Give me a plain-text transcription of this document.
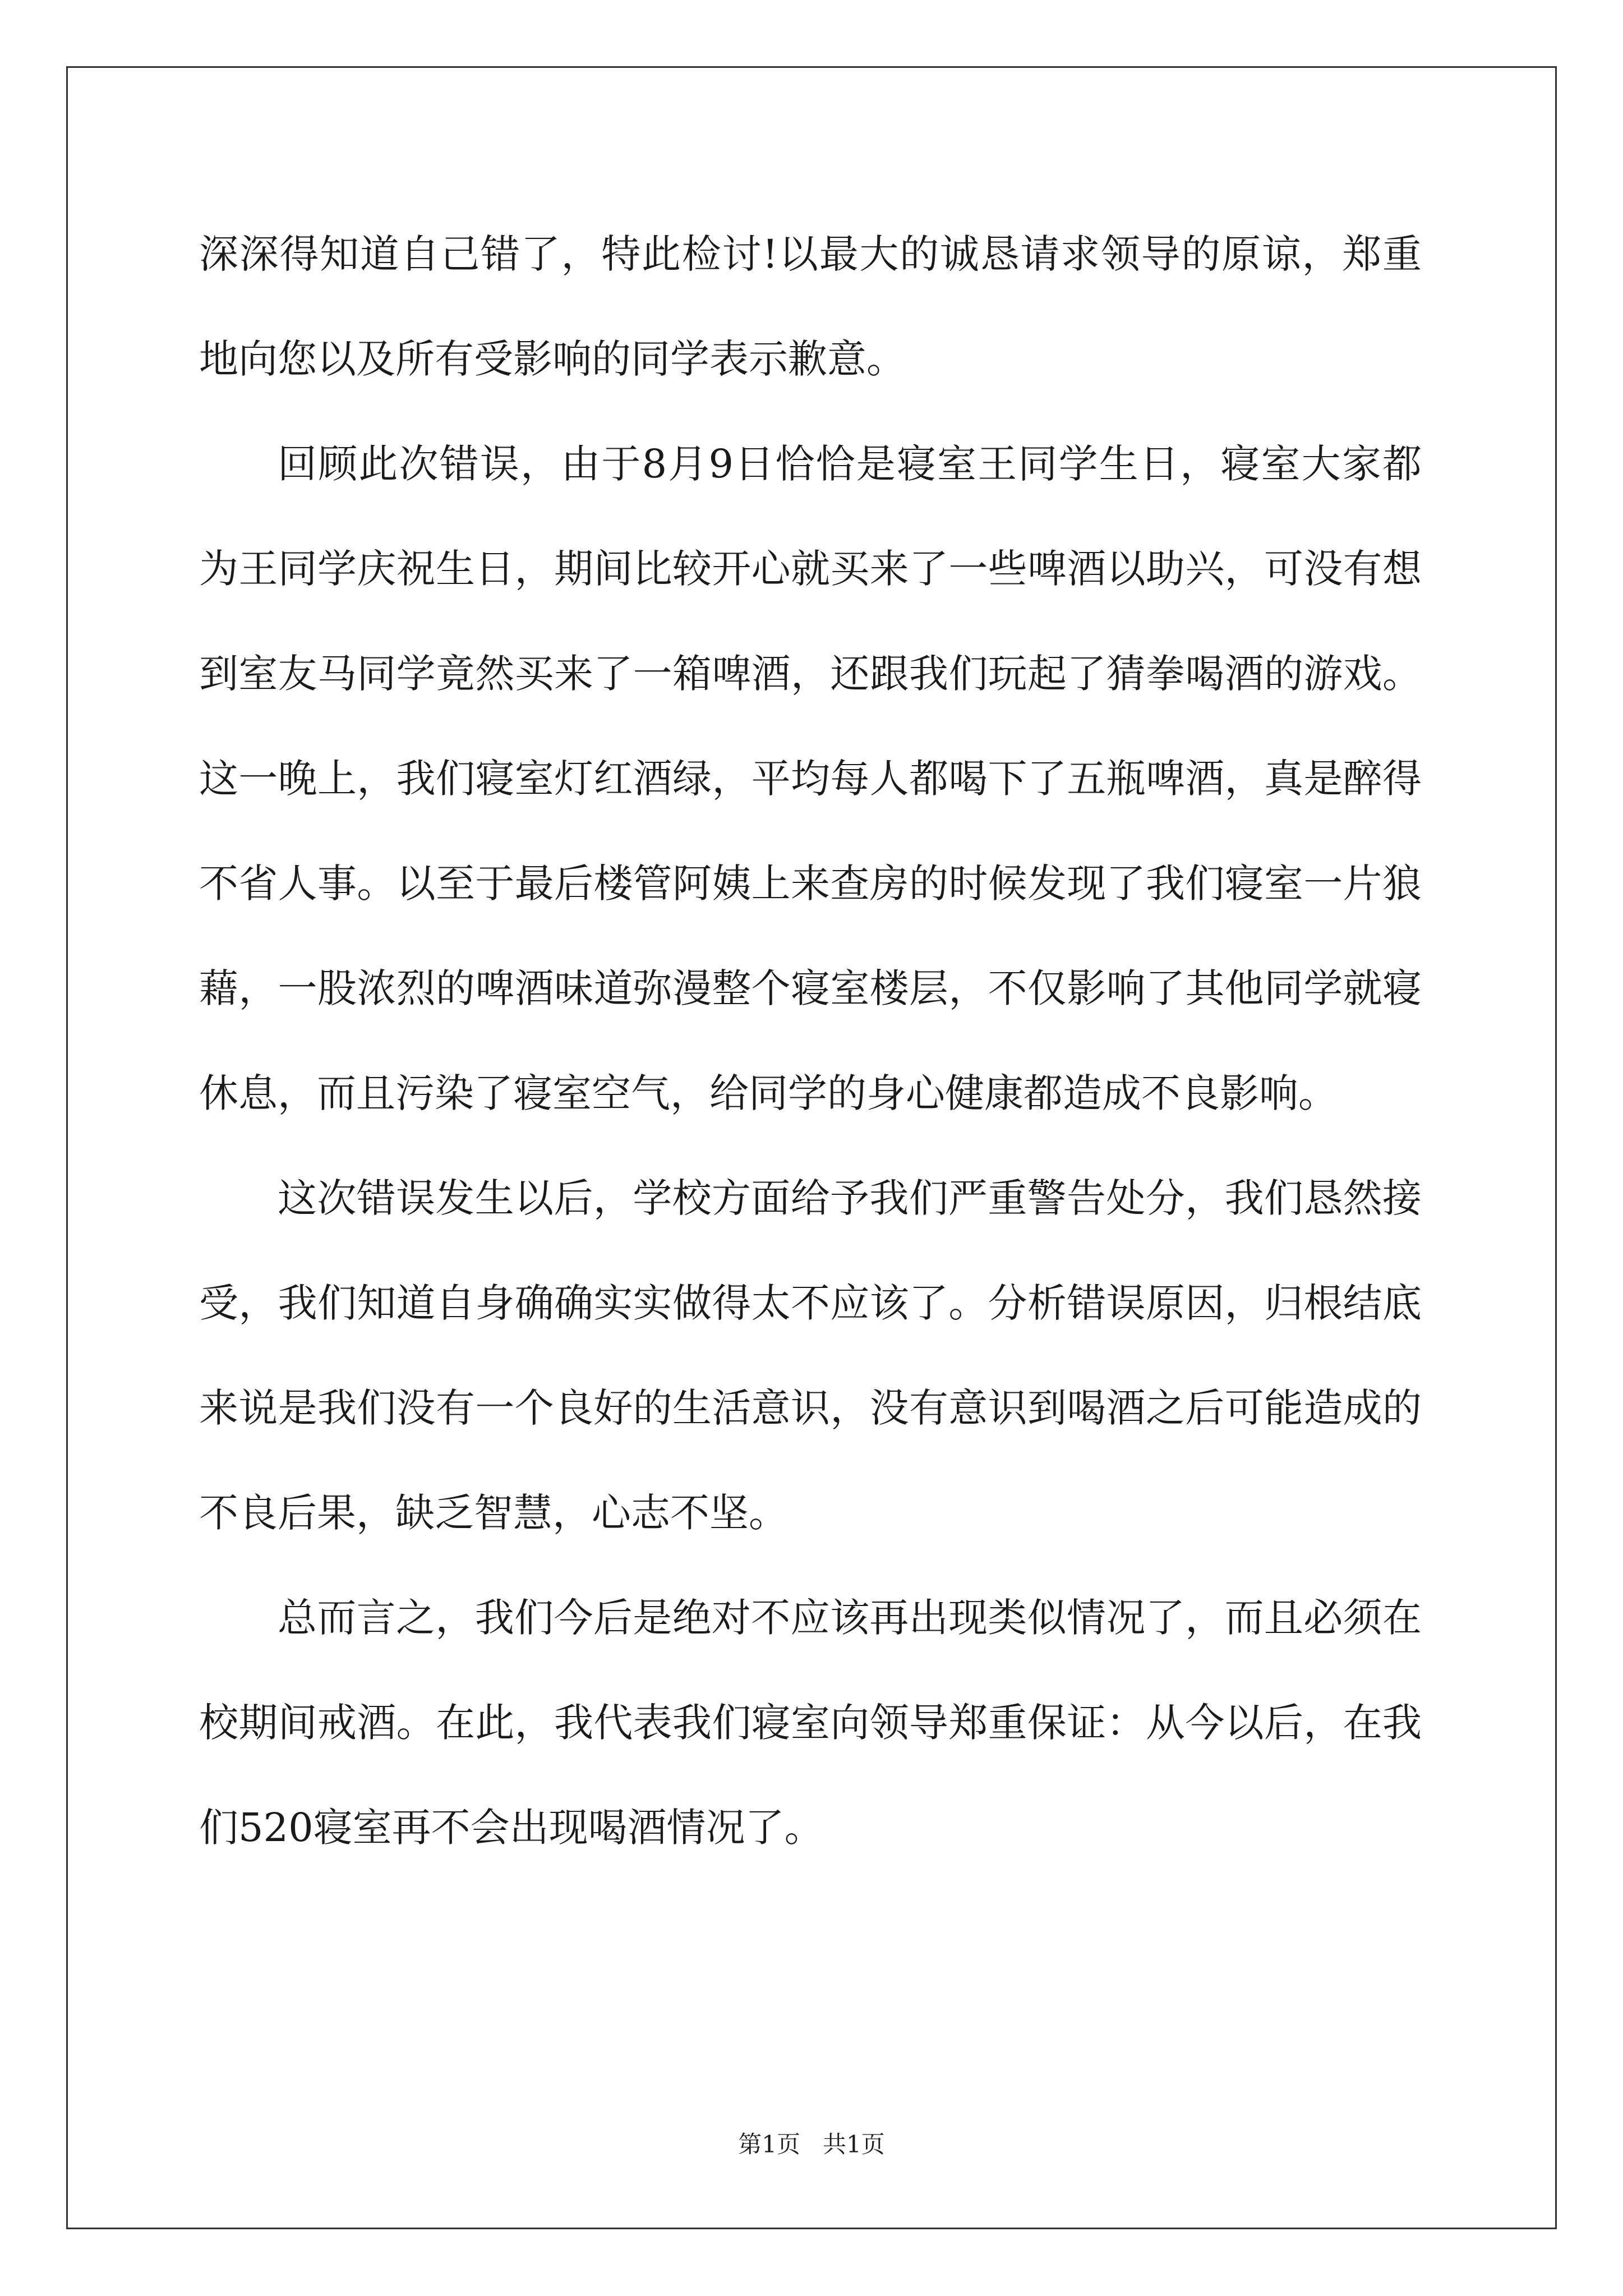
深深得知道自己错了，特此检讨!以最大的诚恳请求领导的原谅，郑重地向您以及所有受影响的同学表示歉意。

回顾此次错误，由于8月9日恰恰是寝室王同学生日，寝室大家都为王同学庆祝生日，期间比较开心就买来了一些啤酒以助兴，可没有想到室友马同学竟然买来了一箱啤酒，还跟我们玩起了猜拳喝酒的游戏。这一晚上，我们寝室灯红酒绿，平均每人都喝下了五瓶啤酒，真是醉得不省人事。以至于最后楼管阿姨上来查房的时候发现了我们寝室一片狼藉，一股浓烈的啤酒味道弥漫整个寝室楼层，不仅影响了其他同学就寝休息，而且污染了寝室空气，给同学的身心健康都造成不良影响。

这次错误发生以后，学校方面给予我们严重警告处分，我们恳然接受，我们知道自身确确实实做得太不应该了。分析错误原因，归根结底来说是我们没有一个良好的生活意识，没有意识到喝酒之后可能造成的不良后果，缺乏智慧，心志不坚。

总而言之，我们今后是绝对不应该再出现类似情况了，而且必须在校期间戒酒。在此，我代表我们寝室向领导郑重保证：从今以后，在我们520寝室再不会出现喝酒情况了。

第1页 共1页
